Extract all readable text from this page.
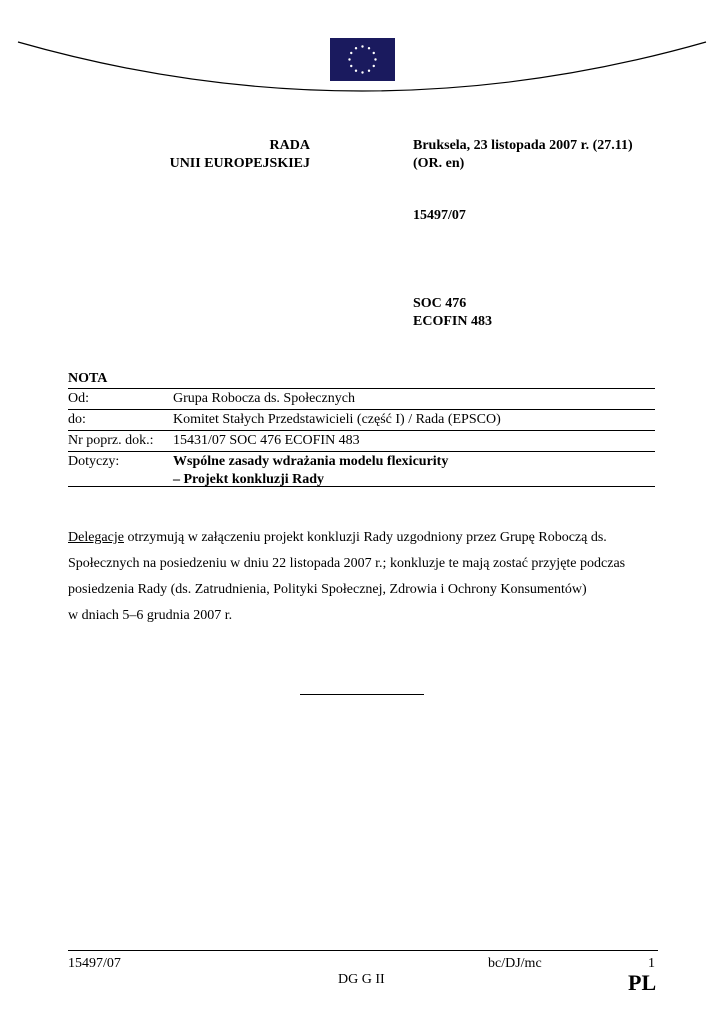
RADA
UNII EUROPEJSKIEJ
Bruksela, 23 listopada 2007 r. (27.11)
(OR. en)
15497/07
SOC 476
ECOFIN 483
NOTA
Od:	Grupa Robocza ds. Społecznych
do:	Komitet Stałych Przedstawicieli (część I) / Rada (EPSCO)
Nr poprz. dok.: 15431/07 SOC 476 ECOFIN 483
Dotyczy:	Wspólne zasady wdrażania modelu flexicurity
– Projekt konkluzji Rady

Delegacje otrzymują w załączeniu projekt konkluzji Rady uzgodniony przez Grupę Roboczą ds.

Społecznych na posiedzeniu w dniu 22 listopada 2007 r.; konkluzje te mają zostać przyjęte podczas

posiedzenia Rady (ds. Zatrudnienia, Polityki Społecznej, Zdrowia i Ochrony Konsumentów)

w dniach 5–6 grudnia 2007 r.

15497/07	bc/DJ/mc	1
DG G II	PL
